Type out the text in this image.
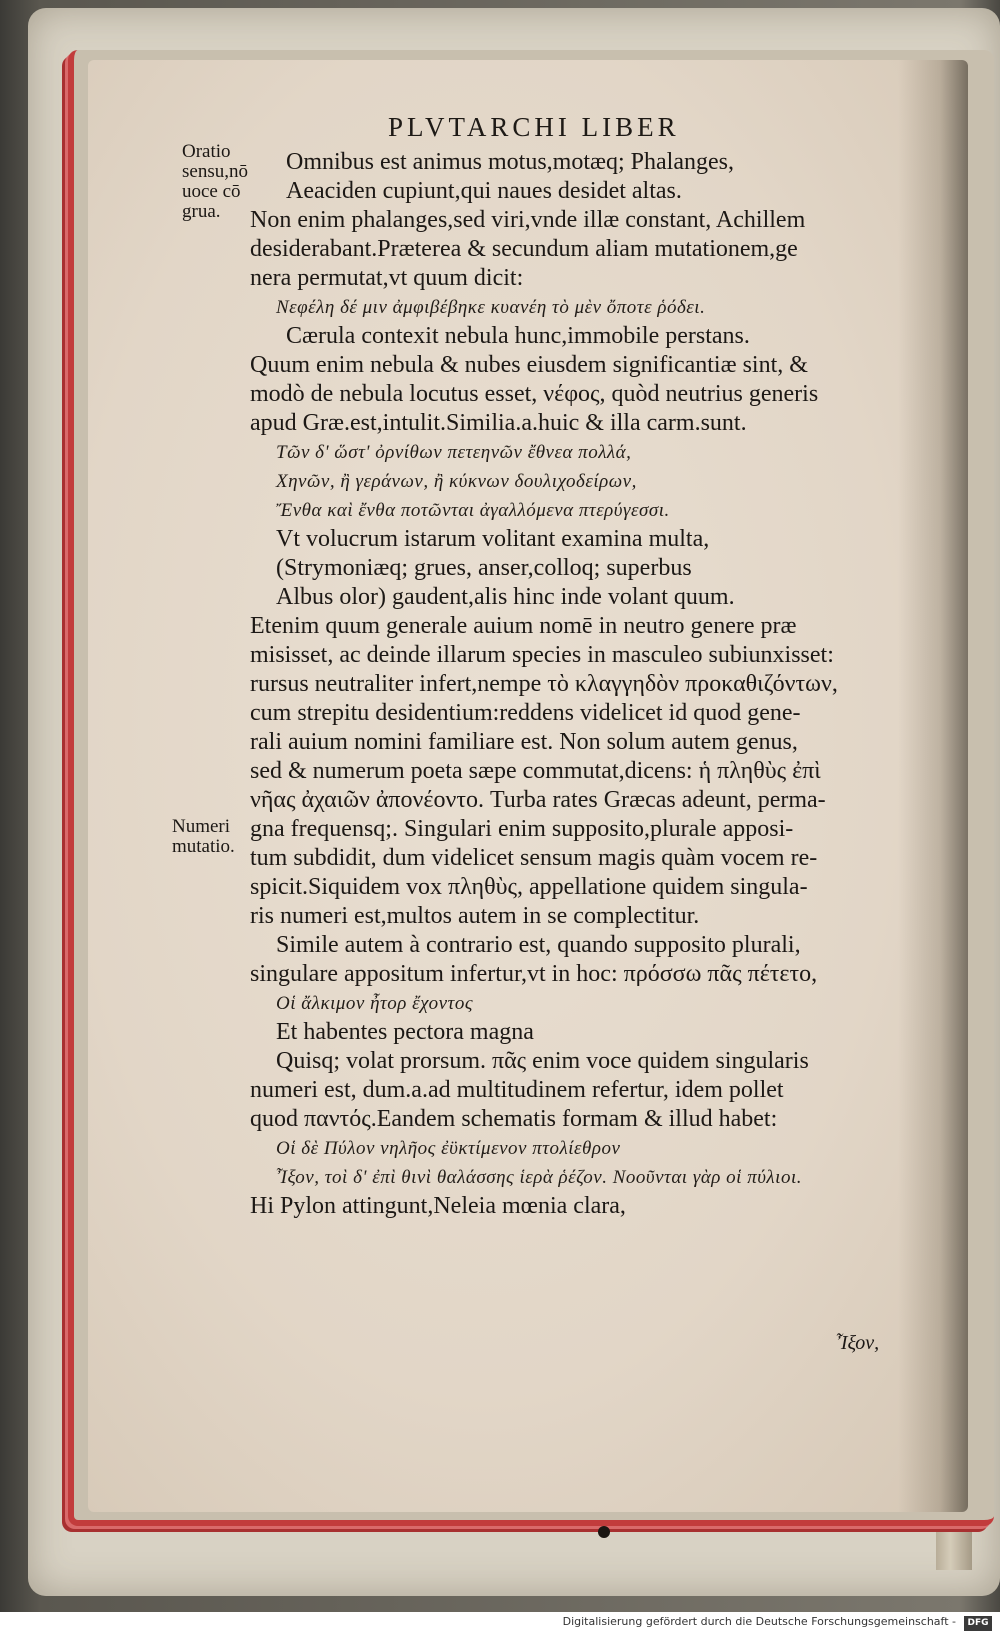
PLVTARCHI LIBER
Oratio
sensu,nō
uoce cō
grua.
Numeri
mutatio.
Omnibus est animus motus,motæq; Phalanges,
Aeaciden cupiunt,qui naues desidet altas.
Non enim phalanges,sed viri,vnde illæ constant, Achillem
desiderabant.Præterea & secundum aliam mutationem,ge
nera permutat,vt quum dicit:
Νεφέλη δέ μιν ἀμφιβέβηκε κυανέη τὸ μὲν ὄποτε ῥόδει.
Cærula contexit nebula hunc,immobile perstans.
Quum enim nebula & nubes eiusdem significantiæ sint, &
modò de nebula locutus esset, νέφος, quòd neutrius generis
apud Græ.est,intulit.Similia.a.huic & illa carm.sunt.
Τῶν δ' ὥστ' ὀρνίθων πετεηνῶν ἔθνεα πολλά,
Χηνῶν, ἢ γεράνων, ἢ κύκνων δουλιχοδείρων,
Ἔνθα καὶ ἔνθα ποτῶνται ἀγαλλόμενα πτερύγεσσι.
Vt volucrum istarum volitant examina multa,
(Strymoniæq; grues, anser,colloq; superbus
Albus olor) gaudent,alis hinc inde volant quum.
Etenim quum generale auium nomē in neutro genere præ
misisset, ac deinde illarum species in masculeo subiunxisset:
rursus neutraliter infert,nempe τὸ κλαγγηδὸν προκαθιζόντων,
cum strepitu desidentium:reddens videlicet id quod gene-
rali auium nomini familiare est. Non solum autem genus,
sed & numerum poeta sæpe commutat,dicens: ἡ πληθὺς ἐπὶ
νῆας ἀχαιῶν ἀπονέοντο. Turba rates Græcas adeunt, perma-
gna frequensq;. Singulari enim supposito,plurale apposi-
tum subdidit, dum videlicet sensum magis quàm vocem re-
spicit.Siquidem vox πληθὺς, appellatione quidem singula-
ris numeri est,multos autem in se complectitur.
Simile autem à contrario est, quando supposito plurali,
singulare appositum infertur,vt in hoc: πρόσσω πᾶς πέτετο,
Οἱ ἄλκιμον ἦτορ ἔχοντος
Et habentes pectora magna
Quisq; volat prorsum. πᾶς enim voce quidem singularis
numeri est, dum.a.ad multitudinem refertur, idem pollet
quod παντός.Eandem schematis formam & illud habet:
Οἱ δὲ Πύλον νηλῆος ἐϋκτίμενον πτολίεθρον
Ἶξον, τοὶ δ' ἐπὶ θινὶ θαλάσσης ἱερὰ ῥέζον. Νοοῦνται γὰρ οἱ πύλιοι.
Hi Pylon attingunt,Neleia mœnia clara,
Ἶξον,
Digitalisierung gefördert durch die Deutsche Forschungsgemeinschaft -	DFG
